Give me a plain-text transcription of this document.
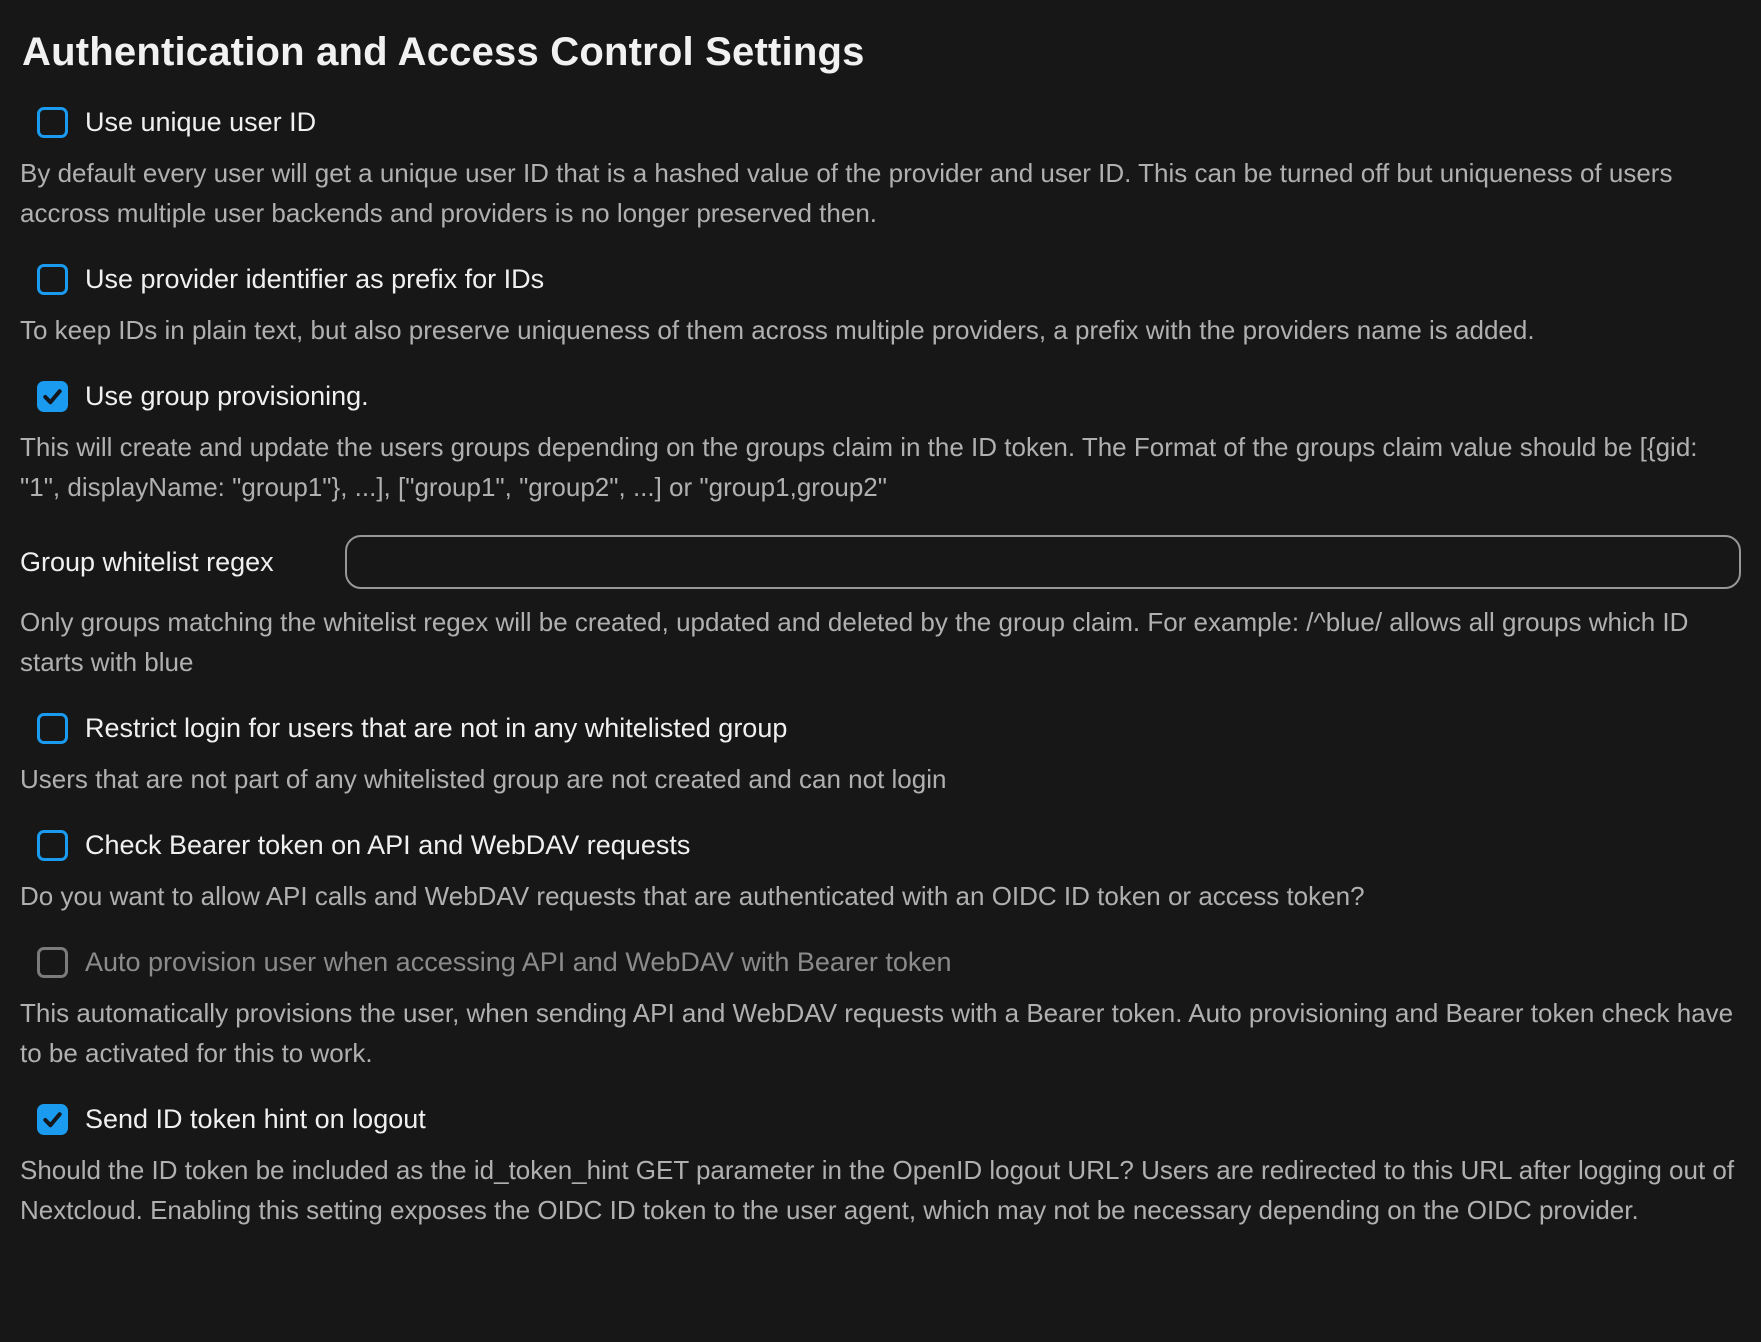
Authentication and Access Control Settings
Use unique user ID

By default every user will get a unique user ID that is a hashed value of the provider and user ID. This can be turned off but uniqueness of users accross multiple user backends and providers is no longer preserved then.

Use provider identifier as prefix for IDs

To keep IDs in plain text, but also preserve uniqueness of them across multiple providers, a prefix with the providers name is added.

Use group provisioning.

This will create and update the users groups depending on the groups claim in the ID token. The Format of the groups claim value should be [{gid: "1", displayName: "group1"}, ...], ["group1", "group2", ...] or "group1,group2"

Group whitelist regex

Only groups matching the whitelist regex will be created, updated and deleted by the group claim. For example: /^blue/ allows all groups which ID starts with blue

Restrict login for users that are not in any whitelisted group

Users that are not part of any whitelisted group are not created and can not login

Check Bearer token on API and WebDAV requests

Do you want to allow API calls and WebDAV requests that are authenticated with an OIDC ID token or access token?

Auto provision user when accessing API and WebDAV with Bearer token

This automatically provisions the user, when sending API and WebDAV requests with a Bearer token. Auto provisioning and Bearer token check have to be activated for this to work.

Send ID token hint on logout

Should the ID token be included as the id_token_hint GET parameter in the OpenID logout URL? Users are redirected to this URL after logging out of Nextcloud. Enabling this setting exposes the OIDC ID token to the user agent, which may not be necessary depending on the OIDC provider.
